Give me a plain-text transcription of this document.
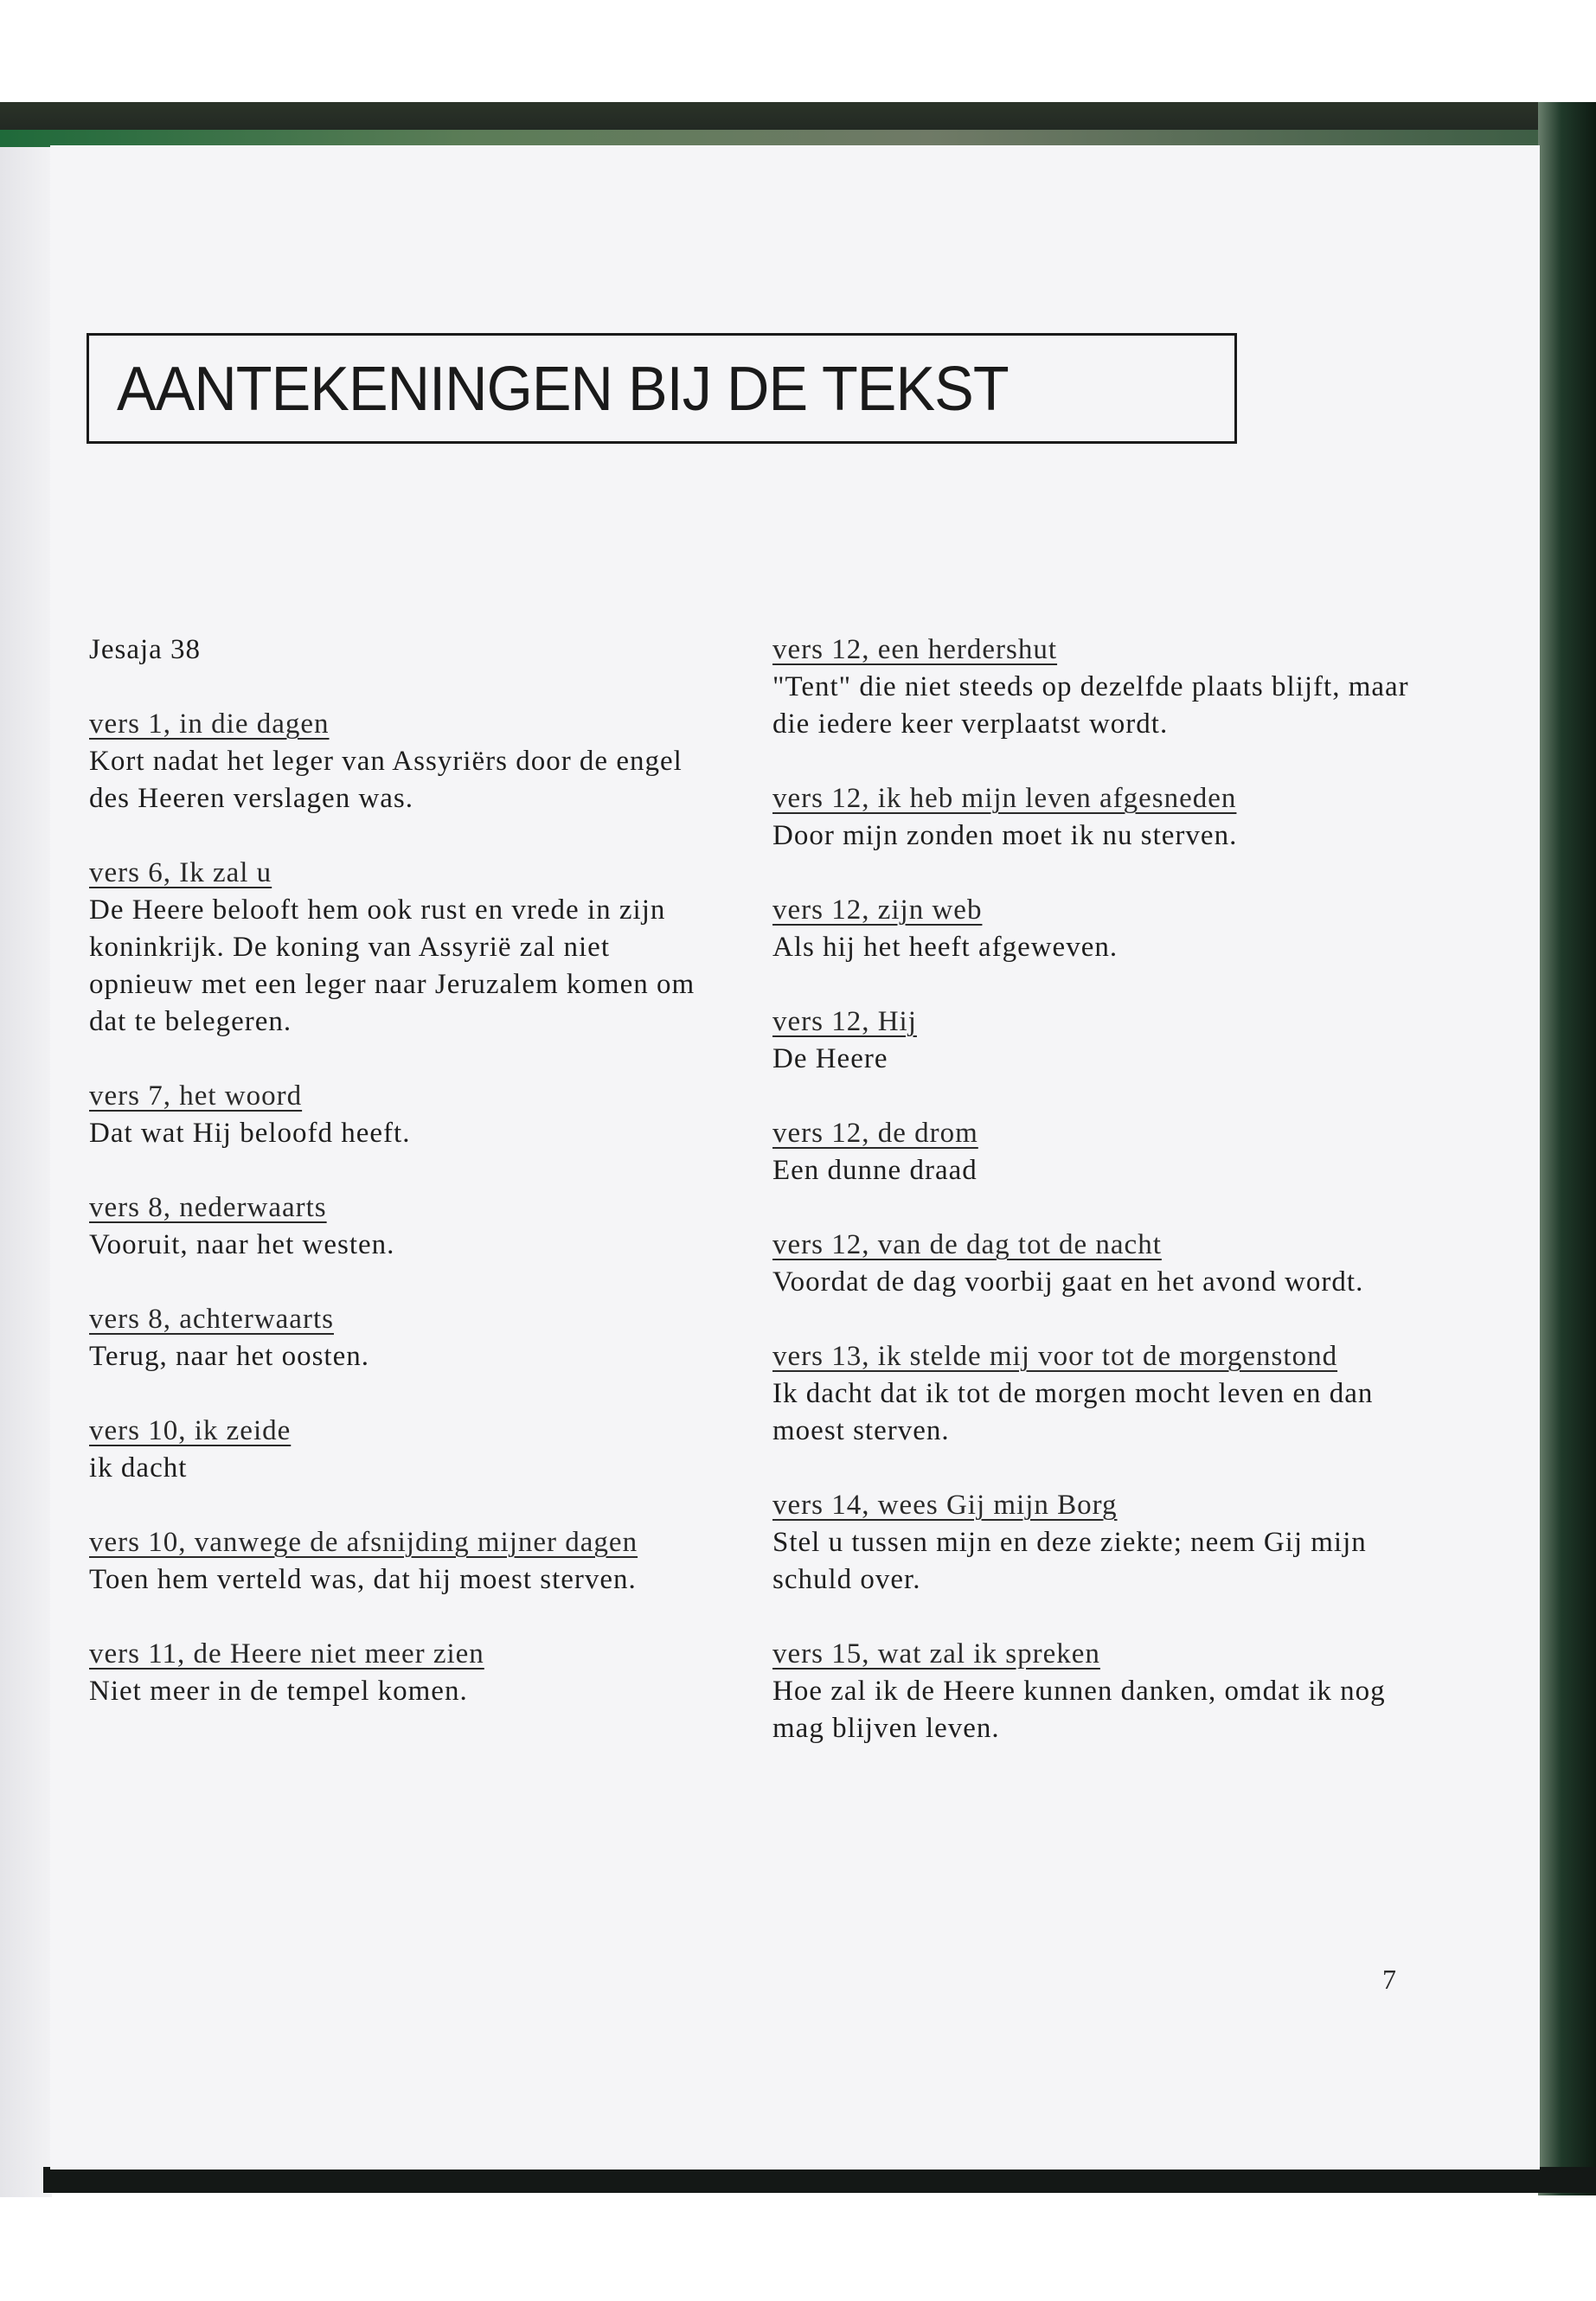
AANTEKENINGEN BIJ DE TEKST
Jesaja 38
vers 1, in die dagen
Kort nadat het leger van Assyriërs door de engel des Heeren verslagen was.
vers 6, Ik zal u
De Heere belooft hem ook rust en vrede in zijn koninkrijk. De koning van Assyrië zal niet opnieuw met een leger naar Jeruzalem komen om dat te belegeren.
vers 7, het woord
Dat wat Hij beloofd heeft.
vers 8, nederwaarts
Vooruit, naar het westen.
vers 8, achterwaarts
Terug, naar het oosten.
vers 10, ik zeide
ik dacht
vers 10, vanwege de afsnijding mijner dagen
Toen hem verteld was, dat hij moest sterven.
vers 11, de Heere niet meer zien
Niet meer in de tempel komen.
vers 12, een herdershut
"Tent" die niet steeds op dezelfde plaats blijft, maar die iedere keer verplaatst wordt.
vers 12, ik heb mijn leven afgesneden
Door mijn zonden moet ik nu sterven.
vers 12, zijn web
Als hij het heeft afgeweven.
vers 12, Hij
De Heere
vers 12, de drom
Een dunne draad
vers 12, van de dag tot de nacht
Voordat de dag voorbij gaat en het avond wordt.
vers 13, ik stelde mij voor tot de morgenstond
Ik dacht dat ik tot de morgen mocht leven en dan moest sterven.
vers 14, wees Gij mijn Borg
Stel u tussen mijn en deze ziekte; neem Gij mijn schuld over.
vers 15, wat zal ik spreken
Hoe zal ik de Heere kunnen danken, omdat ik nog mag blijven leven.
7
